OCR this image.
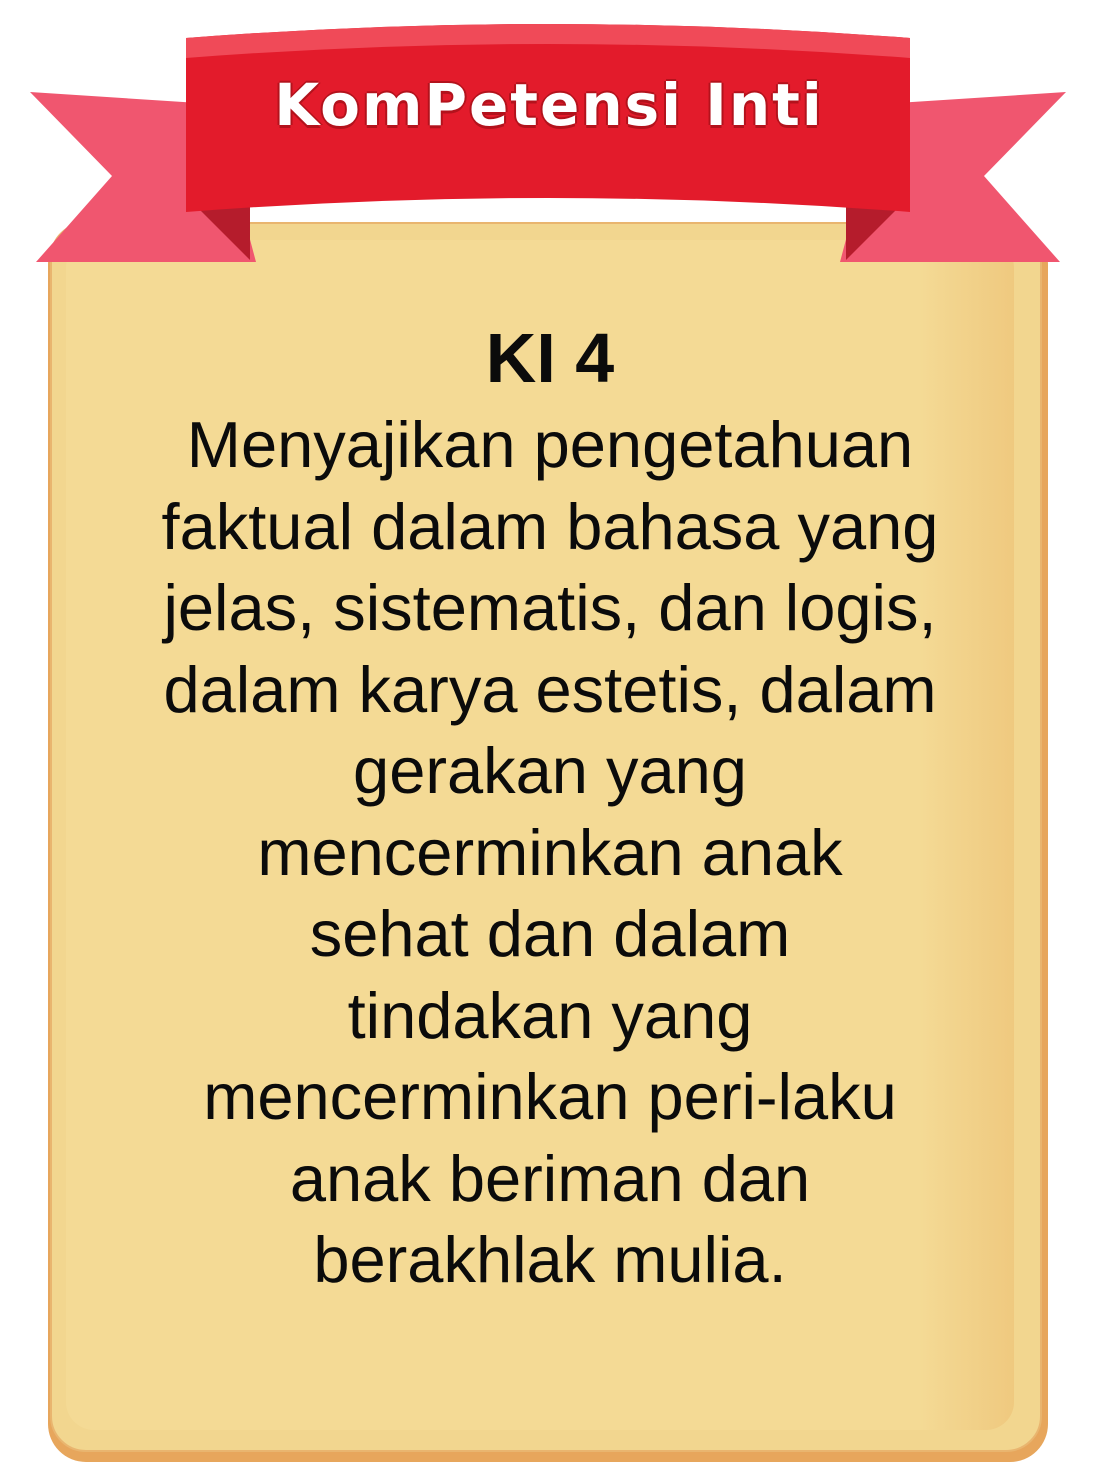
KomPetensi Inti

KI 4

Menyajikan pengetahuan

faktual dalam bahasa yang

jelas, sistematis, dan logis,

dalam karya estetis, dalam

gerakan yang

mencerminkan anak

sehat dan dalam

tindakan yang

mencerminkan peri-laku

anak beriman dan

berakhlak mulia.
